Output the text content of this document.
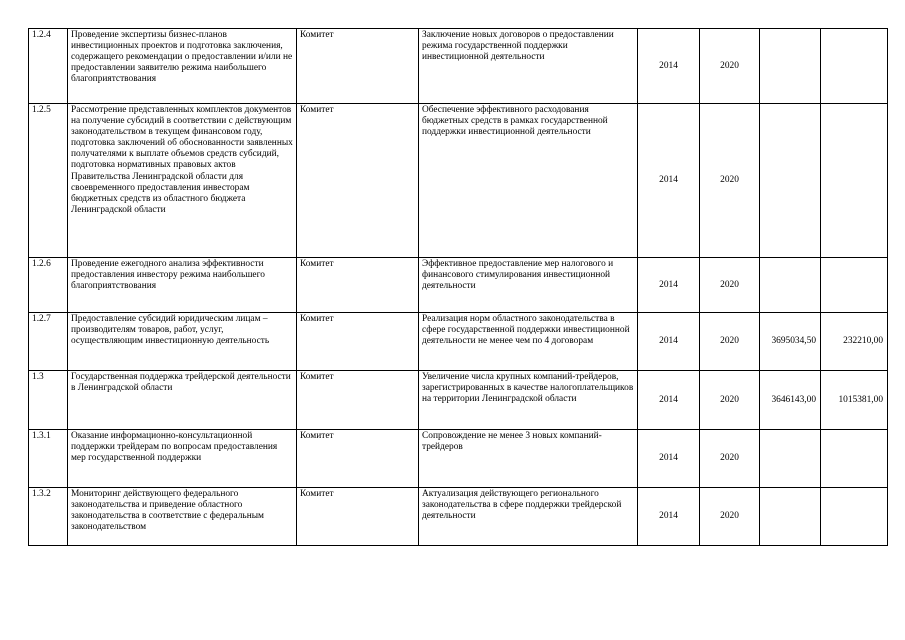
1.2.4	Проведение экспертизы бизнес-планов инвестиционных проектов и подготовка заключения, содержащего рекомендации о предоставлении и/или не предоставлении заявителю режима наибольшего благоприятствования	Комитет	Заключение новых договоров о предоставлении режима государственной поддержки инвестиционной деятельности	2014	2020		
1.2.5	Рассмотрение представленных комплектов документов на получение субсидий в соответствии с действующим законодательством в текущем финансовом году, подготовка заключений об обоснованности заявленных получателями к выплате объемов средств субсидий, подготовка нормативных правовых актов Правительства Ленинградской области для своевременного предоставления инвесторам бюджетных средств из областного бюджета Ленинградской области	Комитет	Обеспечение эффективного расходования бюджетных средств в рамках государственной поддержки инвестиционной деятельности	2014	2020		
1.2.6	Проведение ежегодного анализа эффективности предоставления инвестору режима наибольшего благоприятствования	Комитет	Эффективное предоставление мер налогового и финансового стимулирования инвестиционной деятельности	2014	2020		
1.2.7	Предоставление субсидий юридическим лицам – производителям товаров, работ, услуг, осуществляющим инвестиционную деятельность	Комитет	Реализация норм областного законодательства в сфере государственной поддержки инвестиционной деятельности не менее чем по 4 договорам	2014	2020	3695034,50	232210,00
1.3	Государственная поддержка трейдерской деятельности в Ленинградской области	Комитет	Увеличение числа крупных компаний-трейдеров, зарегистрированных в качестве налогоплательщиков на территории Ленинградской области	2014	2020	3646143,00	1015381,00
1.3.1	Оказание информационно-консультационной поддержки трейдерам по вопросам предоставления мер государственной поддержки	Комитет	Сопровождение не менее 3 новых компаний-трейдеров	2014	2020		
1.3.2	Мониторинг действующего федерального законодательства и приведение областного законодательства в соответствие с федеральным законодательством	Комитет	Актуализация действующего регионального законодательства в сфере поддержки трейдерской деятельности	2014	2020		
